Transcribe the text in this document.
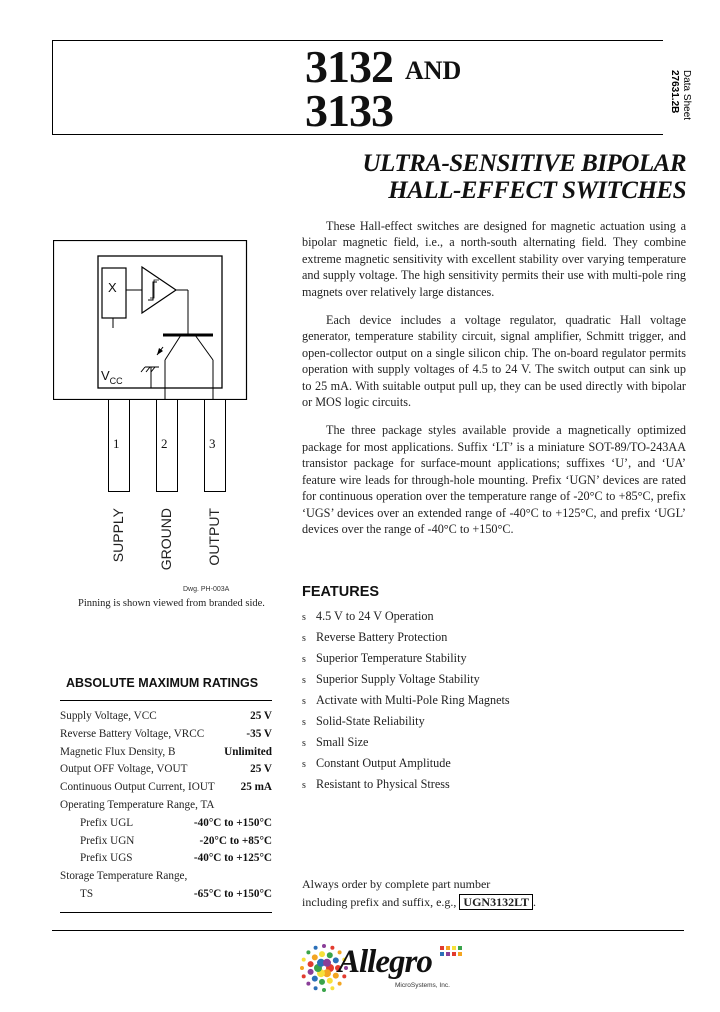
3132 AND
3133	Data Sheet
27631.2B
ULTRA-SENSITIVE BIPOLAR
HALL-EFFECT SWITCHES

These Hall-effect switches are designed for magnetic actuation using a bipolar magnetic field, i.e., a north-south alternating field. They combine extreme magnetic sensitivity with excellent stability over varying temperature and supply voltage. The high sensitivity permits their use with multi-pole ring magnets over relatively large distances.

Each device includes a voltage regulator, quadratic Hall voltage generator, temperature stability circuit, signal amplifier, Schmitt trigger, and open-collector output on a single silicon chip. The on-board regulator permits operation with supply voltages of 4.5 to 24 V. The switch output can sink up to 25 mA. With suitable output pull up, they can be used directly with bipolar or MOS logic circuits.

The three package styles available provide a magnetically optimized package for most applications. Suffix ‘LT’ is a miniature SOT-89/TO-243AA transistor package for surface-mount applications; suffixes ‘U’, and ‘UA’ feature wire leads for through-hole mounting. Prefix ‘UGN’ devices are rated for continuous operation over the temperature range of -20°C to +85°C, prefix ‘UGS’ devices over an extended range of -40°C to +125°C, and prefix ‘UGL’ devices over the range of -40°C to +150°C.

X
$V_{CC}$
1	2	3
SUPPLY GROUND OUTPUT
Dwg. PH-003A
Pinning is shown viewed from branded side.
ABSOLUTE MAXIMUM RATINGS
Supply Voltage, VCC	25 V
Reverse Battery Voltage, VRCC	-35 V
Magnetic Flux Density, B	Unlimited
Output OFF Voltage, VOUT	25 V
Continuous Output Current, IOUT 25 mA
Operating Temperature Range, TA
Prefix UGL	-40°C to +150°C
Prefix UGN	-20°C to +85°C
Prefix UGS	-40°C to +125°C
Storage Temperature Range,
TS	-65°C to +150°C
FEATURES
s 4.5 V to 24 V Operation
s Reverse Battery Protection
s Superior Temperature Stability
s Superior Supply Voltage Stability
s Activate with Multi-Pole Ring Magnets
s Solid-State Reliability
s Small Size
s Constant Output Amplitude
s Resistant to Physical Stress
Always order by complete part number
including prefix and suffix, e.g., UGN3132LT .
Allegro
MicroSystems, Inc.
